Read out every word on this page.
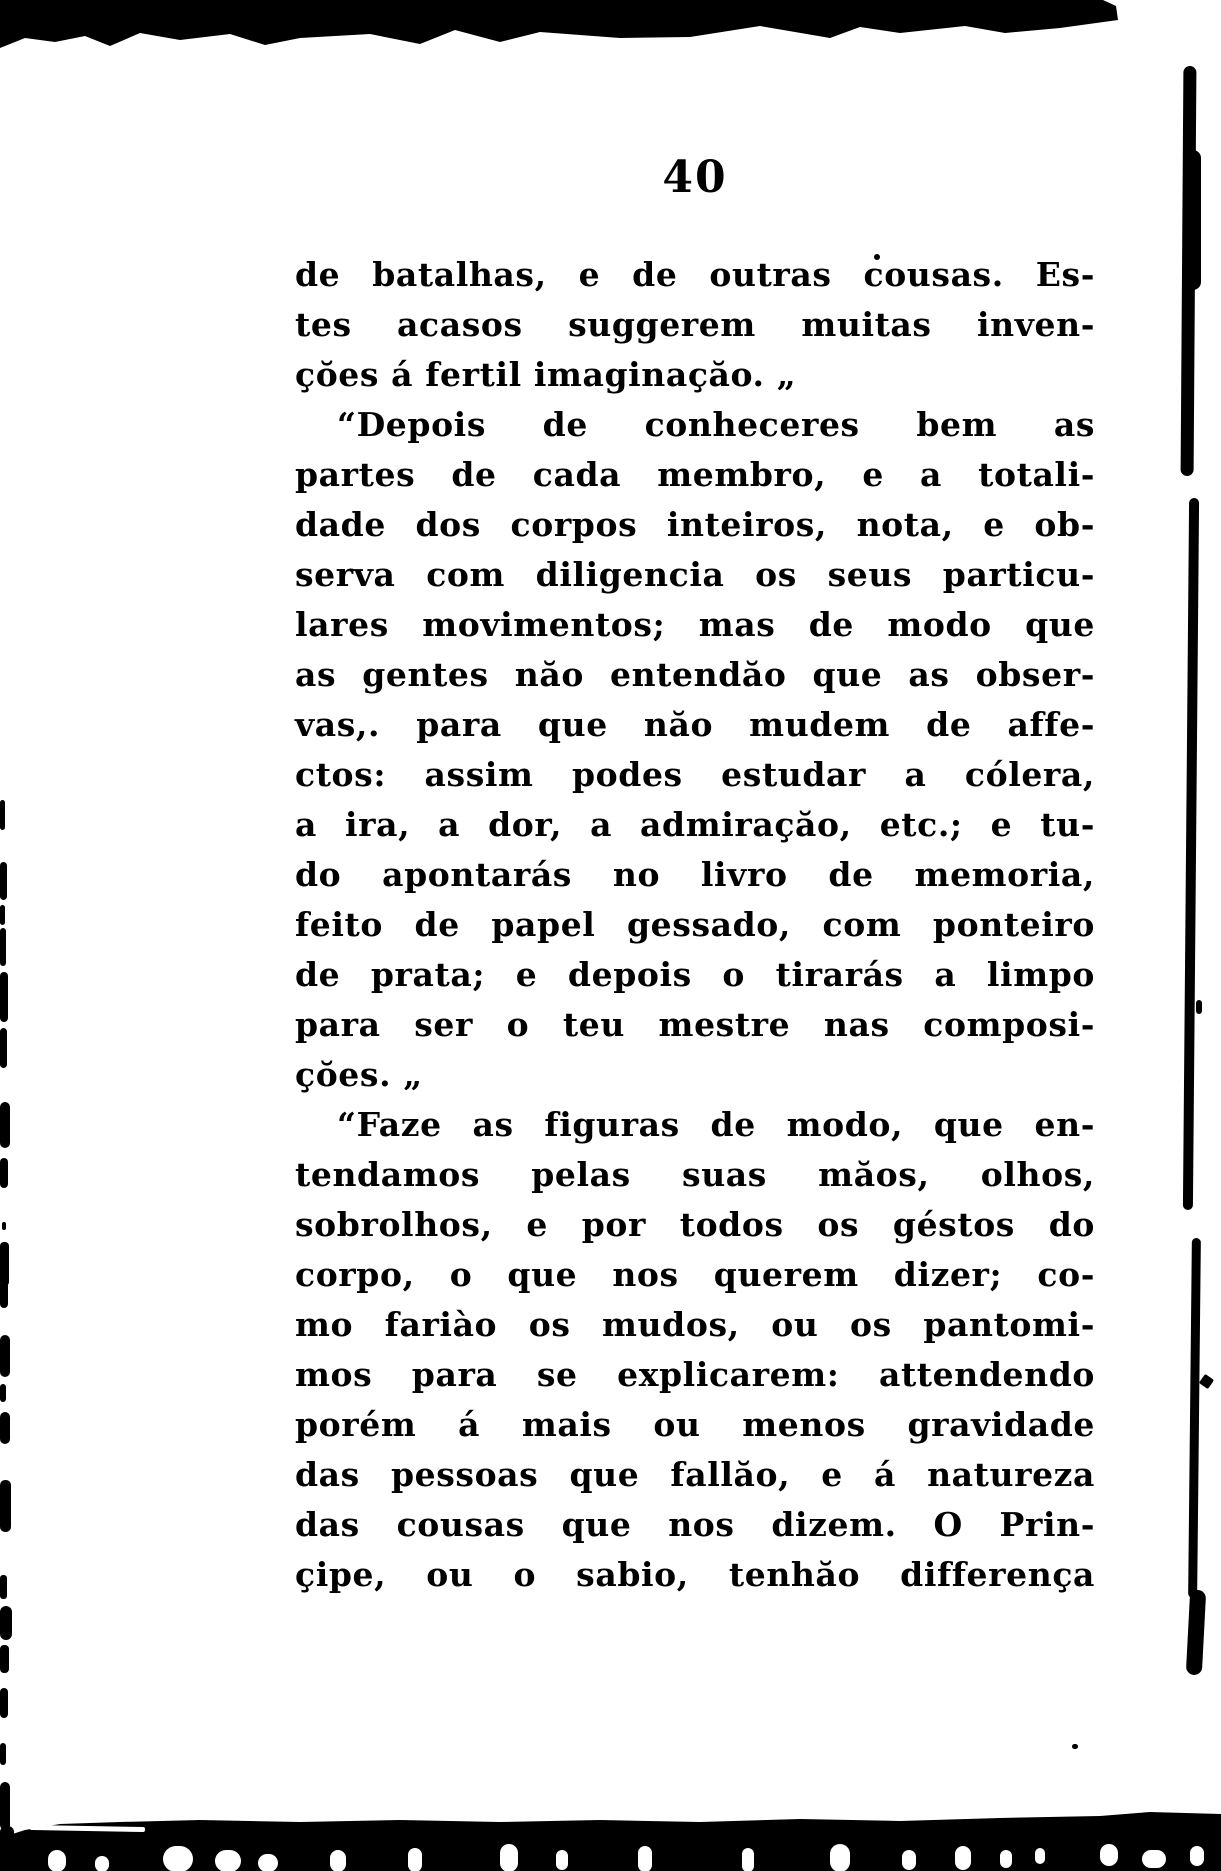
40
de batalhas, e de outras cousas. Es-
tes acasos suggerem muitas inven-
çŏes á fertil imaginaçăo. „
“Depois de conheceres bem as
partes de cada membro, e a totali-
dade dos corpos inteiros, nota, e ob-
serva com diligencia os seus particu-
lares movimentos; mas de modo que
as gentes năo entendăo que as obser-
vas,. para que năo mudem de affe-
ctos: assim podes estudar a cólera,
a ira, a dor, a admiraçăo, etc.; e tu-
do apontarás no livro de memoria,
feito de papel gessado, com ponteiro
de prata; e depois o tirarás a limpo
para ser o teu mestre nas composi-
çŏes. „
“Faze as figuras de modo, que en-
tendamos pelas suas măos, olhos,
sobrolhos, e por todos os géstos do
corpo, o que nos querem dizer; co-
mo fariào os mudos, ou os pantomi-
mos para se explicarem: attendendo
porém á mais ou menos gravidade
das pessoas que fallăo, e á natureza
das cousas que nos dizem. O Prin-
çipe, ou o sabio, tenhăo differença
